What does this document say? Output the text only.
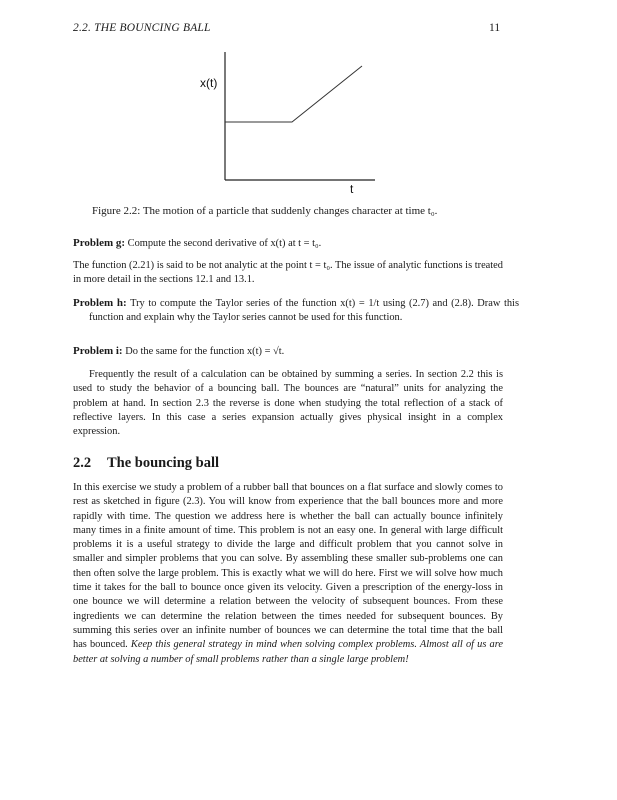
2.2. THE BOUNCING BALL	11
x(t)
t
Figure 2.2: The motion of a particle that suddenly changes character at time t₀.

Problem g: Compute the second derivative of x(t) at t = t₀.

The function (2.21) is said to be not analytic at the point t = t₀. The issue of analytic functions is treated in more detail in the sections 12.1 and 13.1.

Problem h: Try to compute the Taylor series of the function x(t) = 1/t using (2.7) and (2.8). Draw this function and explain why the Taylor series cannot be used for this function.

Problem i: Do the same for the function x(t) = √t.

Frequently the result of a calculation can be obtained by summing a series. In section 2.2 this is used to study the behavior of a bouncing ball. The bounces are “natural” units for analyzing the problem at hand. In section 2.3 the reverse is done when studying the total reflection of a stack of reflective layers. In this case a series expansion actually gives physical insight in a complex expression.

2.2 The bouncing ball

In this exercise we study a problem of a rubber ball that bounces on a flat surface and slowly comes to rest as sketched in figure (2.3). You will know from experience that the ball bounces more and more rapidly with time. The question we address here is whether the ball can actually bounce infinitely many times in a finite amount of time. This problem is not an easy one. In general with large difficult problems it is a useful strategy to divide the large and difficult problem that you cannot solve in smaller and simpler problems that you can solve. By assembling these smaller sub-problems one can then often solve the large problem. This is exactly what we will do here. First we will solve how much time it takes for the ball to bounce once given its velocity. Given a prescription of the energy-loss in one bounce we will determine a relation between the velocity of subsequent bounces. From these ingredients we can determine the relation between the times needed for subsequent bounces. By summing this series over an infinite number of bounces we can determine the total time that the ball has bounced. Keep this general strategy in mind when solving complex problems. Almost all of us are better at solving a number of small problems rather than a single large problem!
